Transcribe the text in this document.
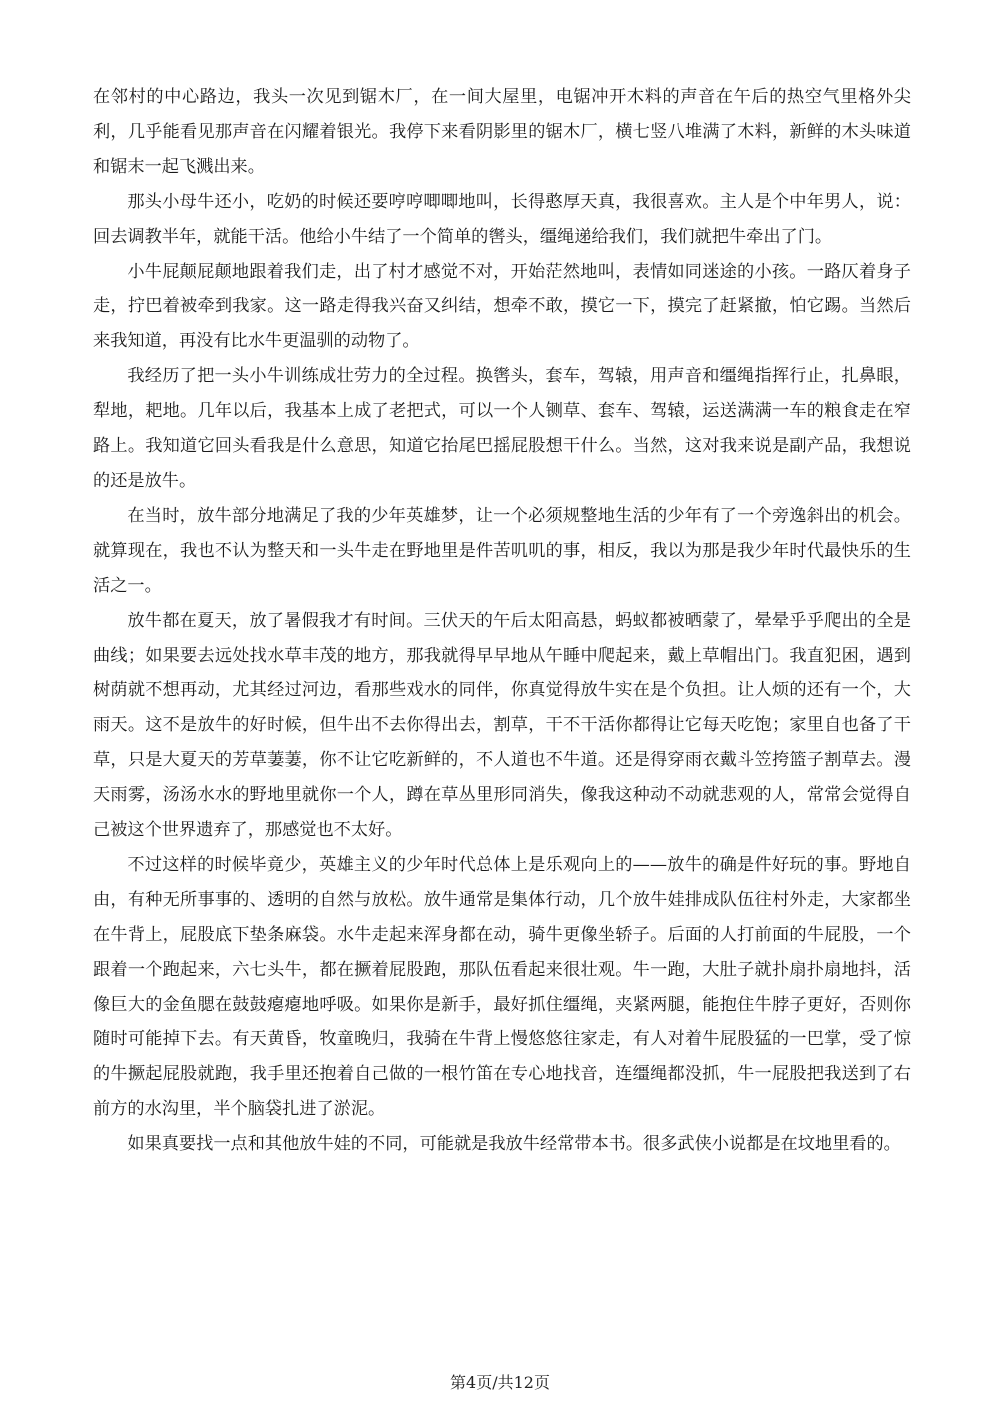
在邻村的中心路边，我头一次见到锯木厂，在一间大屋里，电锯冲开木料的声音在午后的热空气里格外尖利，几乎能看见那声音在闪耀着银光。我停下来看阴影里的锯木厂，横七竖八堆满了木料，新鲜的木头味道和锯末一起飞溅出来。

那头小母牛还小，吃奶的时候还要哼哼唧唧地叫，长得憨厚天真，我很喜欢。主人是个中年男人，说：回去调教半年，就能干活。他给小牛结了一个简单的辔头，缰绳递给我们，我们就把牛牵出了门。

小牛屁颠屁颠地跟着我们走，出了村才感觉不对，开始茫然地叫，表情如同迷途的小孩。一路仄着身子走，拧巴着被牵到我家。这一路走得我兴奋又纠结，想牵不敢，摸它一下，摸完了赶紧撤，怕它踢。当然后来我知道，再没有比水牛更温驯的动物了。

我经历了把一头小牛训练成壮劳力的全过程。换辔头，套车，驾辕，用声音和缰绳指挥行止，扎鼻眼，犁地，耙地。几年以后，我基本上成了老把式，可以一个人铡草、套车、驾辕，运送满满一车的粮食走在窄路上。我知道它回头看我是什么意思，知道它抬尾巴摇屁股想干什么。当然，这对我来说是副产品，我想说的还是放牛。

在当时，放牛部分地满足了我的少年英雄梦，让一个必须规整地生活的少年有了一个旁逸斜出的机会。就算现在，我也不认为整天和一头牛走在野地里是件苦叽叽的事，相反，我以为那是我少年时代最快乐的生活之一。

放牛都在夏天，放了暑假我才有时间。三伏天的午后太阳高悬，蚂蚁都被晒蒙了，晕晕乎乎爬出的全是曲线；如果要去远处找水草丰茂的地方，那我就得早早地从午睡中爬起来，戴上草帽出门。我直犯困，遇到树荫就不想再动，尤其经过河边，看那些戏水的同伴，你真觉得放牛实在是个负担。让人烦的还有一个，大雨天。这不是放牛的好时候，但牛出不去你得出去，割草，干不干活你都得让它每天吃饱；家里自也备了干草，只是大夏天的芳草萋萋，你不让它吃新鲜的，不人道也不牛道。还是得穿雨衣戴斗笠挎篮子割草去。漫天雨雾，汤汤水水的野地里就你一个人，蹲在草丛里形同消失，像我这种动不动就悲观的人，常常会觉得自己被这个世界遗弃了，那感觉也不太好。

不过这样的时候毕竟少，英雄主义的少年时代总体上是乐观向上的——放牛的确是件好玩的事。野地自由，有种无所事事的、透明的自然与放松。放牛通常是集体行动，几个放牛娃排成队伍往村外走，大家都坐在牛背上，屁股底下垫条麻袋。水牛走起来浑身都在动，骑牛更像坐轿子。后面的人打前面的牛屁股，一个跟着一个跑起来，六七头牛，都在撅着屁股跑，那队伍看起来很壮观。牛一跑，大肚子就扑扇扑扇地抖，活像巨大的金鱼腮在鼓鼓瘪瘪地呼吸。如果你是新手，最好抓住缰绳，夹紧两腿，能抱住牛脖子更好，否则你随时可能掉下去。有天黄昏，牧童晚归，我骑在牛背上慢悠悠往家走，有人对着牛屁股猛的一巴掌，受了惊的牛撅起屁股就跑，我手里还抱着自己做的一根竹笛在专心地找音，连缰绳都没抓，牛一屁股把我送到了右前方的水沟里，半个脑袋扎进了淤泥。

如果真要找一点和其他放牛娃的不同，可能就是我放牛经常带本书。很多武侠小说都是在坟地里看的。

第4页/共12页
